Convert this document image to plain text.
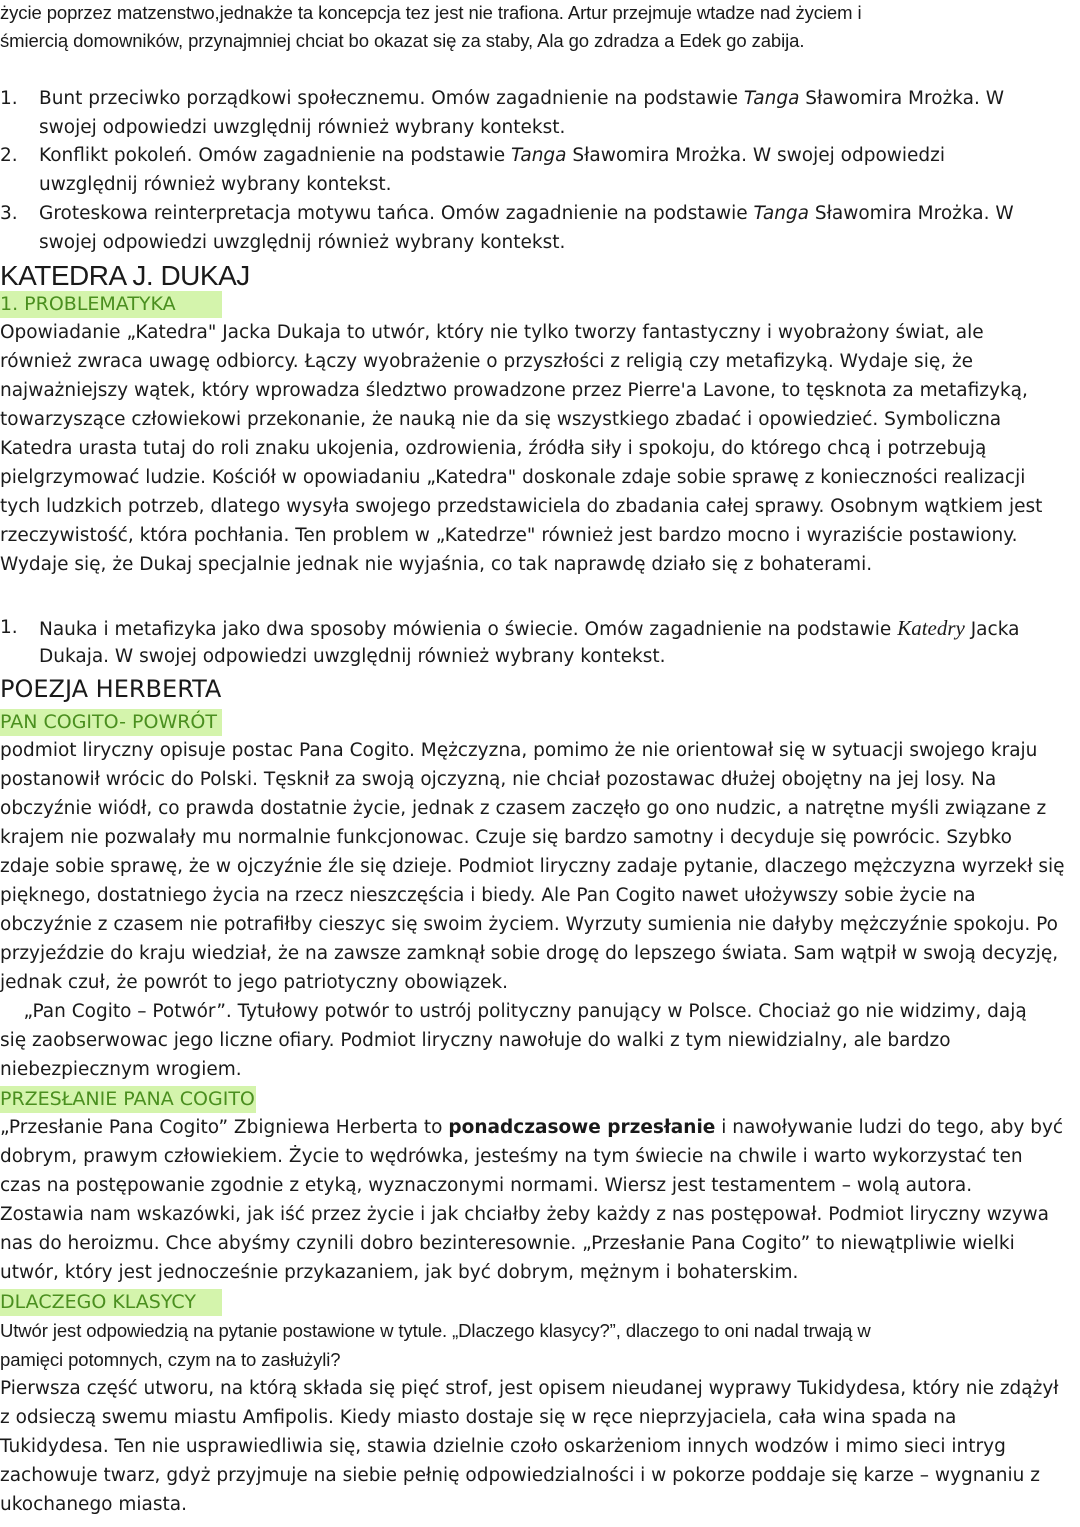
życie poprzez matzenstwo,jednakże ta koncepcja tez jest nie trafiona. Artur przejmuje wtadze nad życiem i
śmiercią domowników, przynajmniej chciat bo okazat się za staby, Ala go zdradza a Edek go zabija.
1. Bunt przeciwko porządkowi społecznemu. Omów zagadnienie na podstawie Tanga Sławomira Mrożka. W
swojej odpowiedzi uwzględnij również wybrany kontekst.
2. Konflikt pokoleń. Omów zagadnienie na podstawie Tanga Sławomira Mrożka. W swojej odpowiedzi
uwzględnij również wybrany kontekst.
3. Groteskowa reinterpretacja motywu tańca. Omów zagadnienie na podstawie Tanga Sławomira Mrożka. W
swojej odpowiedzi uwzględnij również wybrany kontekst.
KATEDRA J. DUKAJ
1. PROBLEMATYKA
Opowiadanie „Katedra" Jacka Dukaja to utwór, który nie tylko tworzy fantastyczny i wyobrażony świat, ale
również zwraca uwagę odbiorcy. Łączy wyobrażenie o przyszłości z religią czy metafizyką. Wydaje się, że
najważniejszy wątek, który wprowadza śledztwo prowadzone przez Pierre'a Lavone, to tęsknota za metafizyką,
towarzyszące człowiekowi przekonanie, że nauką nie da się wszystkiego zbadać i opowiedzieć. Symboliczna
Katedra urasta tutaj do roli znaku ukojenia, ozdrowienia, źródła siły i spokoju, do którego chcą i potrzebują
pielgrzymować ludzie. Kościół w opowiadaniu „Katedra" doskonale zdaje sobie sprawę z konieczności realizacji
tych ludzkich potrzeb, dlatego wysyła swojego przedstawiciela do zbadania całej sprawy. Osobnym wątkiem jest
rzeczywistość, która pochłania. Ten problem w „Katedrze" również jest bardzo mocno i wyraziście postawiony.
Wydaje się, że Dukaj specjalnie jednak nie wyjaśnia, co tak naprawdę działo się z bohaterami.
1. Nauka i metafizyka jako dwa sposoby mówienia o świecie. Omów zagadnienie na podstawie Katedry Jacka
Dukaja. W swojej odpowiedzi uwzględnij również wybrany kontekst.
POEZJA HERBERTA
PAN COGITO- POWRÓT
podmiot liryczny opisuje postac Pana Cogito. Mężczyzna, pomimo że nie orientował się w sytuacji swojego kraju
postanowił wrócic do Polski. Tęsknił za swoją ojczyzną, nie chciał pozostawac dłużej obojętny na jej losy. Na
obczyźnie wiódł, co prawda dostatnie życie, jednak z czasem zaczęło go ono nudzic, a natrętne myśli związane z
krajem nie pozwalały mu normalnie funkcjonowac. Czuje się bardzo samotny i decyduje się powrócic. Szybko
zdaje sobie sprawę, że w ojczyźnie źle się dzieje. Podmiot liryczny zadaje pytanie, dlaczego mężczyzna wyrzekł się
pięknego, dostatniego życia na rzecz nieszczęścia i biedy. Ale Pan Cogito nawet ułożywszy sobie życie na
obczyźnie z czasem nie potrafiłby cieszyc się swoim życiem. Wyrzuty sumienia nie dałyby mężczyźnie spokoju. Po
przyjeździe do kraju wiedział, że na zawsze zamknął sobie drogę do lepszego świata. Sam wątpił w swoją decyzję,
jednak czuł, że powrót to jego patriotyczny obowiązek.
„Pan Cogito – Potwór”. Tytułowy potwór to ustrój polityczny panujący w Polsce. Chociaż go nie widzimy, dają
się zaobserwowac jego liczne ofiary. Podmiot liryczny nawołuje do walki z tym niewidzialny, ale bardzo
niebezpiecznym wrogiem.
PRZESŁANIE PANA COGITO
„Przesłanie Pana Cogito” Zbigniewa Herberta to ponadczasowe przesłanie i nawoływanie ludzi do tego, aby być
dobrym, prawym człowiekiem. Życie to wędrówka, jesteśmy na tym świecie na chwile i warto wykorzystać ten
czas na postępowanie zgodnie z etyką, wyznaczonymi normami. Wiersz jest testamentem – wolą autora.
Zostawia nam wskazówki, jak iść przez życie i jak chciałby żeby każdy z nas postępował. Podmiot liryczny wzywa
nas do heroizmu. Chce abyśmy czynili dobro bezinteresownie. „Przesłanie Pana Cogito” to niewątpliwie wielki
utwór, który jest jednocześnie przykazaniem, jak być dobrym, mężnym i bohaterskim.
DLACZEGO KLASYCY
Utwór jest odpowiedzią na pytanie postawione w tytule. „Dlaczego klasycy?”, dlaczego to oni nadal trwają w
pamięci potomnych, czym na to zasłużyli?
Pierwsza część utworu, na którą składa się pięć strof, jest opisem nieudanej wyprawy Tukidydesa, który nie zdążył
z odsieczą swemu miastu Amfipolis. Kiedy miasto dostaje się w ręce nieprzyjaciela, cała wina spada na
Tukidydesa. Ten nie usprawiedliwia się, stawia dzielnie czoło oskarżeniom innych wodzów i mimo sieci intryg
zachowuje twarz, gdyż przyjmuje na siebie pełnię odpowiedzialności i w pokorze poddaje się karze – wygnaniu z
ukochanego miasta.
